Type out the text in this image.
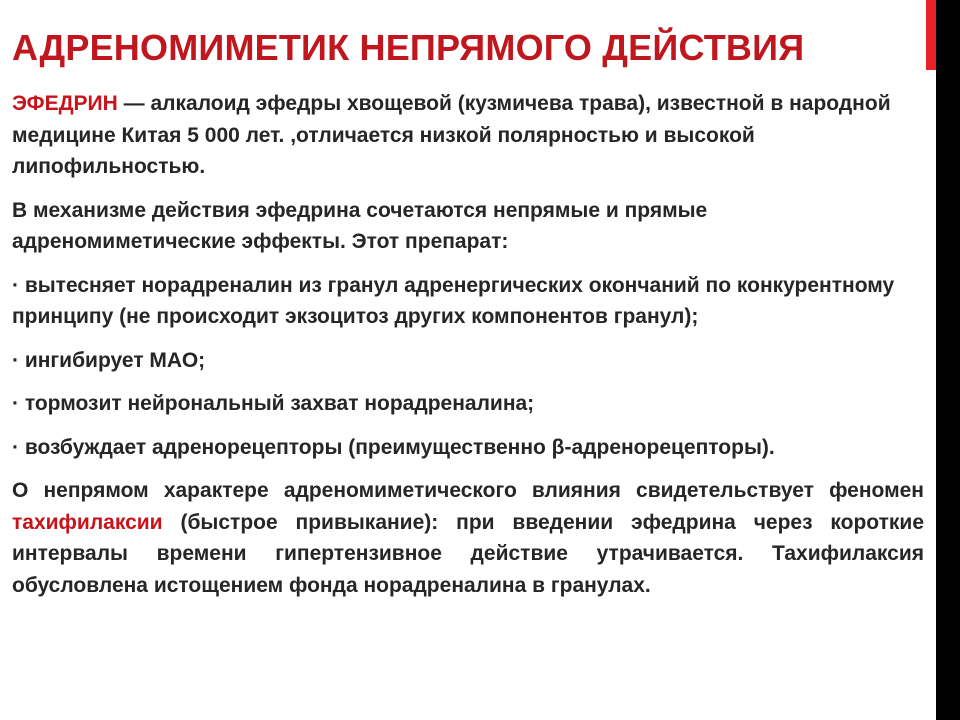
АДРЕНОМИМЕТИК НЕПРЯМОГО ДЕЙСТВИЯ

ЭФЕДРИН — алкалоид эфедры хвощевой (кузмичева трава), известной в народной медицине Китая 5 000 лет. ,отличается низкой полярностью и высокой липофильностью.

В механизме действия эфедрина сочетаются непрямые и прямые адреномиметические эффекты. Этот препарат:

· вытесняет норадреналин из гранул адренергических окончаний по конкурентному принципу (не происходит экзоцитоз других компонентов гранул);

· ингибирует МАО;

· тормозит нейрональный захват норадреналина;

· возбуждает адренорецепторы (преимущественно β-адренорецепторы).

О непрямом характере адреномиметического влияния свидетельствует феномен тахифилаксии (быстрое привыкание): при введении эфедрина через короткие интервалы времени гипертензивное действие утрачивается. Тахифилаксия обусловлена истощением фонда норадреналина в гранулах.
